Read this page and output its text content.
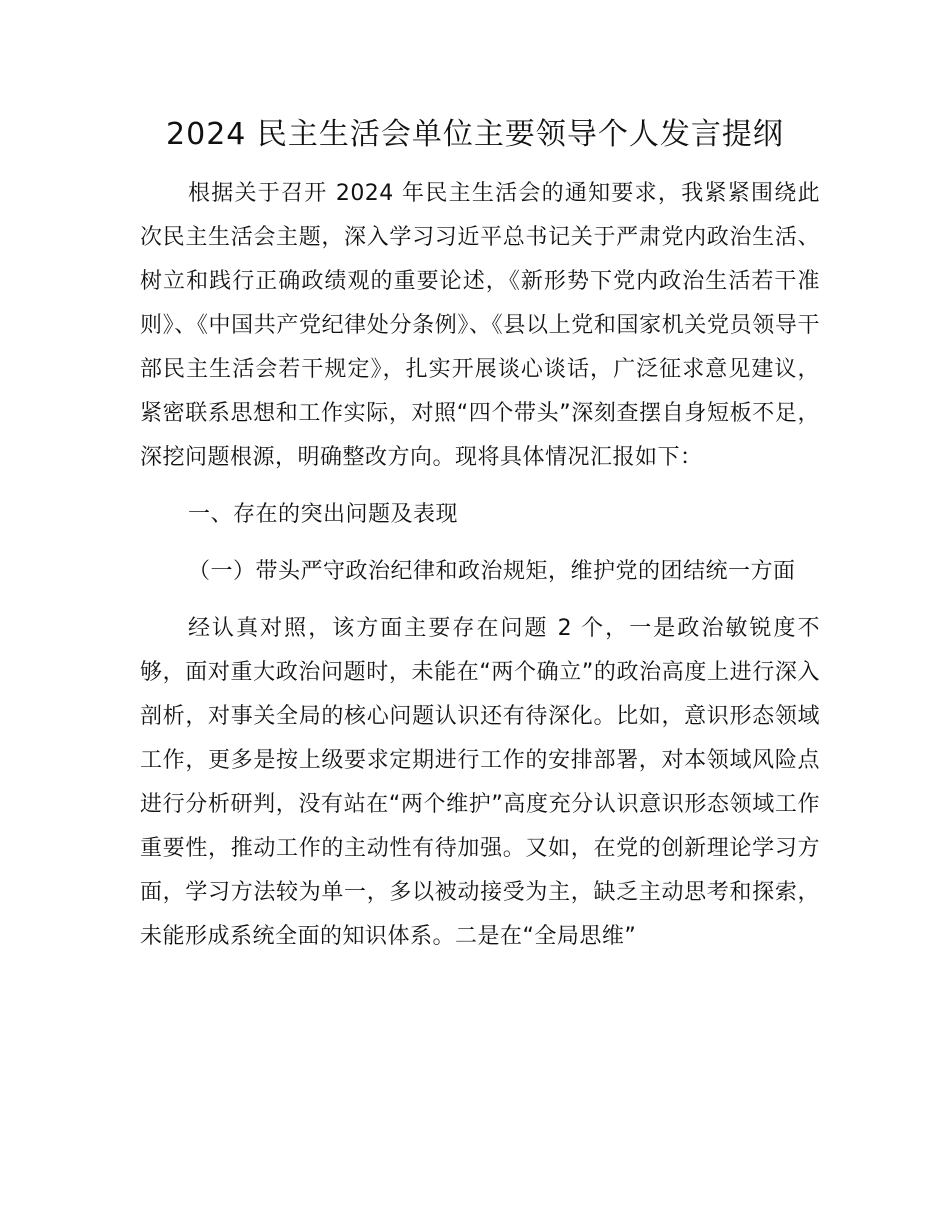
2024 民主生活会单位主要领导个人发言提纲

根据关于召开 2024 年民主生活会的通知要求，我紧紧围绕此次民主生活会主题，深入学习习近平总书记关于严肃党内政治生活、树立和践行正确政绩观的重要论述，《新形势下党内政治生活若干准则》、《中国共产党纪律处分条例》、《县以上党和国家机关党员领导干部民主生活会若干规定》，扎实开展谈心谈话，广泛征求意见建议，紧密联系思想和工作实际，对照“四个带头”深刻查摆自身短板不足，深挖问题根源，明确整改方向。现将具体情况汇报如下：

一、存在的突出问题及表现

（一）带头严守政治纪律和政治规矩，维护党的团结统一方面

经认真对照，该方面主要存在问题 2 个，一是政治敏锐度不够，面对重大政治问题时，未能在“两个确立”的政治高度上进行深入剖析，对事关全局的核心问题认识还有待深化。比如，意识形态领域工作，更多是按上级要求定期进行工作的安排部署，对本领域风险点进行分析研判，没有站在“两个维护”高度充分认识意识形态领域工作重要性，推动工作的主动性有待加强。又如，在党的创新理论学习方面，学习方法较为单一，多以被动接受为主，缺乏主动思考和探索，未能形成系统全面的知识体系。二是在“全局思维”
